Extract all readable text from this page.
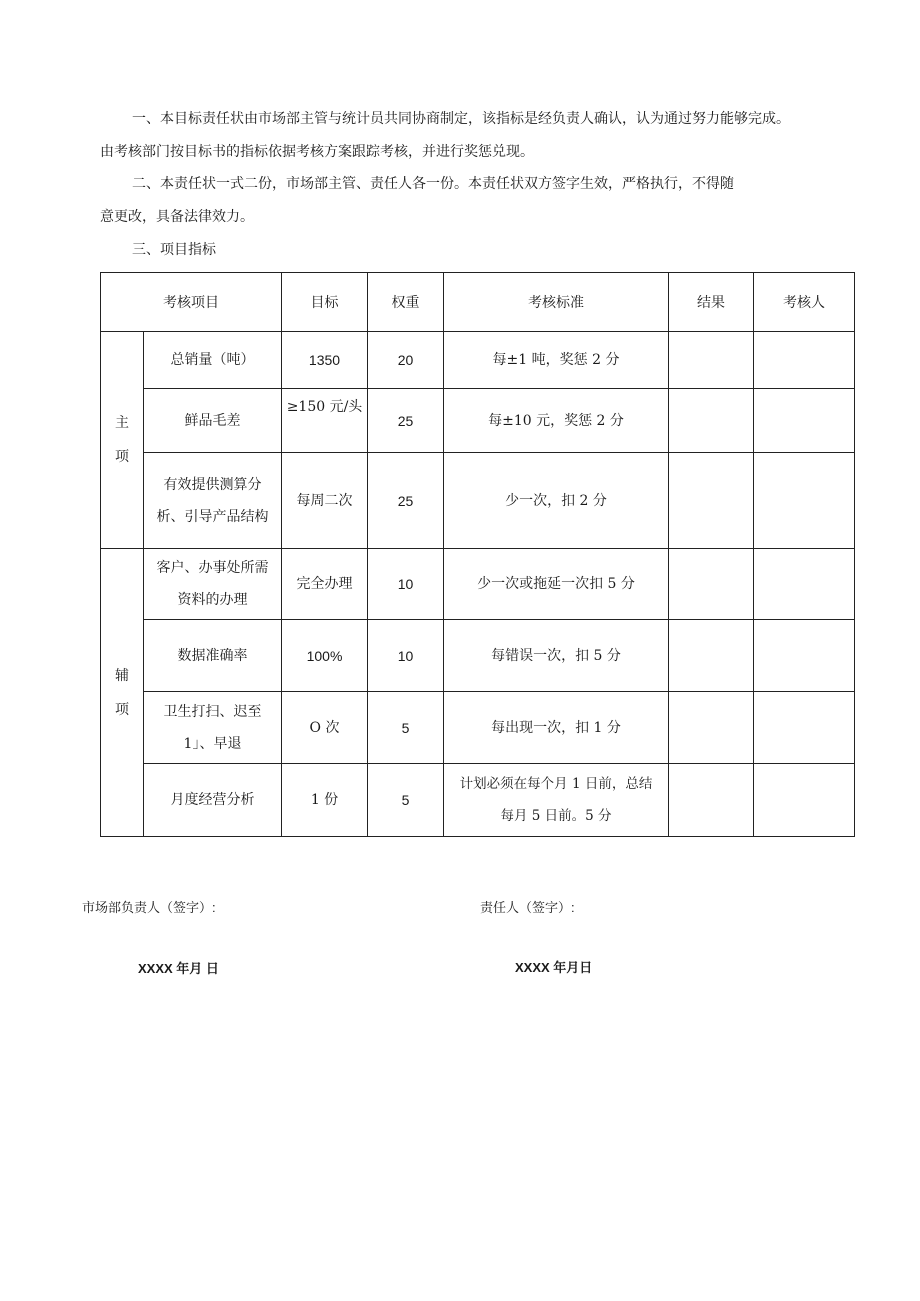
一、本目标责任状由市场部主管与统计员共同协商制定，该指标是经负责人确认，认为通过努力能够完成。
由考核部门按目标书的指标依据考核方案跟踪考核，并进行奖惩兑现。
二、本责任状一式二份，市场部主管、责任人各一份。本责任状双方签字生效，严格执行，不得随
意更改，具备法律效力。
三、项目指标
考核项目		目标	权重	考核标准	结果	考核人
主
项	总销量（吨）	1350	20	每±1 吨，奖惩 2 分		
	鲜品毛差	≥150 元/头	25	每±10 元，奖惩 2 分		
	有效提供测算分
析、引导产品结构	每周二次	25	少一次，扣 2 分		
辅
项	客户、办事处所需
资料的办理	完全办理	10	少一次或拖延一次扣 5 分		
	数据准确率	100%	10	每错误一次，扣 5 分		
	卫生打扫、迟至
1」、早退	O 次	5	每出现一次，扣 1 分		
	月度经营分析	1 份	5	计划必须在每个月 1 日前，总结
每月 5 日前。5 分		
市场部负责人（签字）:	责任人（签字）:
XXXX 年月 日	XXXX 年月日
